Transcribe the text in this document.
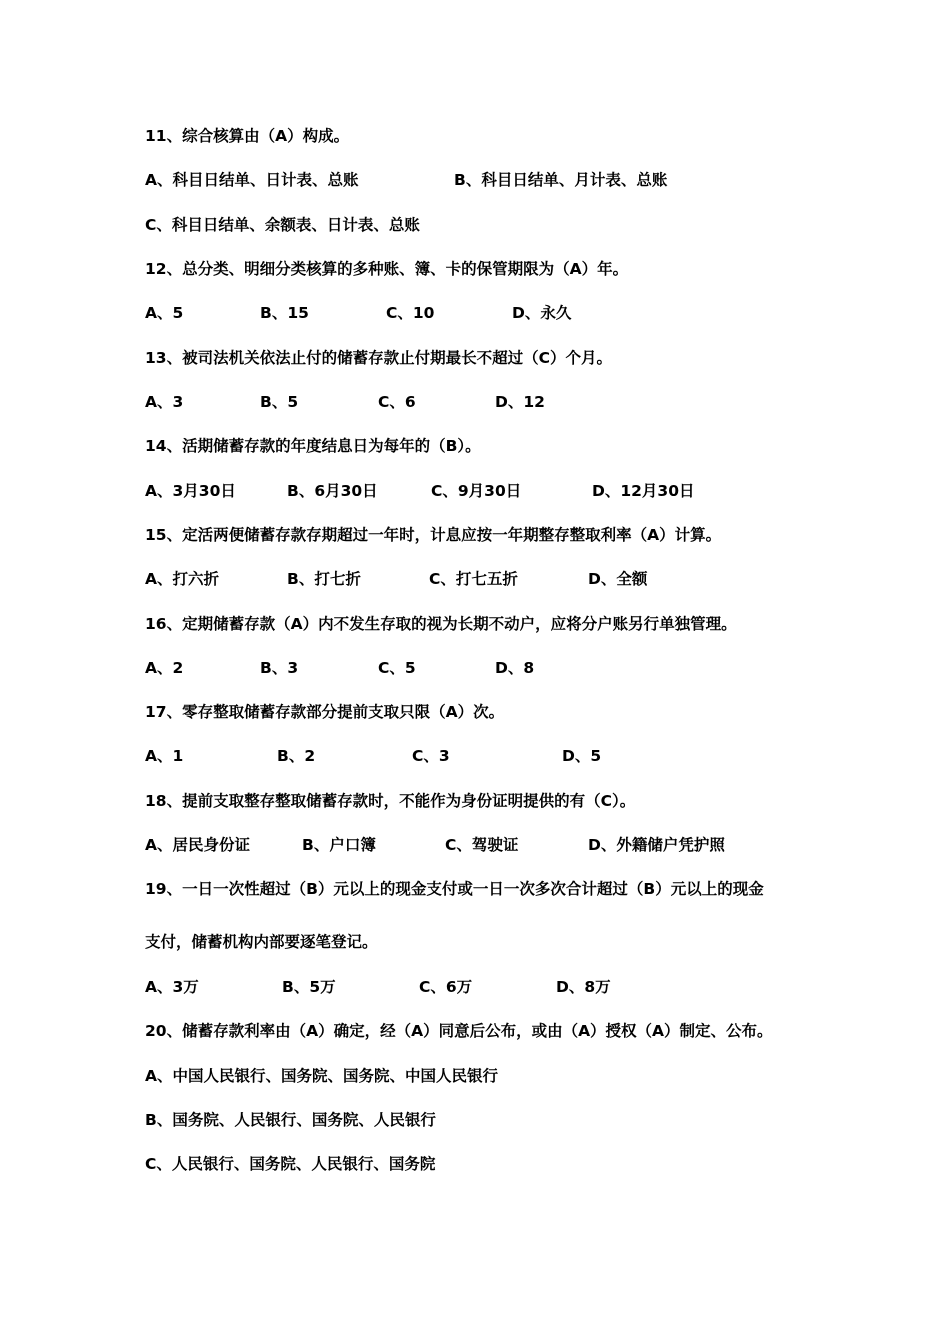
11、综合核算由（A）构成。
A、科目日结单、日计表、总账	B、科目日结单、月计表、总账
C、科目日结单、余额表、日计表、总账
12、总分类、明细分类核算的多种账、簿、卡的保管期限为（A）年。
A、5	B、15	C、10	D、永久
13、被司法机关依法止付的储蓄存款止付期最长不超过（C）个月。
A、3	B、5	C、6	D、12
14、活期储蓄存款的年度结息日为每年的（B）。
A、3月30日	B、6月30日	C、9月30日	D、12月30日
15、定活两便储蓄存款存期超过一年时，计息应按一年期整存整取利率（A）计算。
A、打六折	B、打七折	C、打七五折	D、全额
16、定期储蓄存款（A）内不发生存取的视为长期不动户，应将分户账另行单独管理。
A、2	B、3	C、5	D、8
17、零存整取储蓄存款部分提前支取只限（A）次。
A、1	B、2	C、3	D、5
18、提前支取整存整取储蓄存款时，不能作为身份证明提供的有（C）。
A、居民身份证	B、户口簿	C、驾驶证	D、外籍储户凭护照
19、一日一次性超过（B）元以上的现金支付或一日一次多次合计超过（B）元以上的现金
支付，储蓄机构内部要逐笔登记。
A、3万	B、5万	C、6万	D、8万
20、储蓄存款利率由（A）确定，经（A）同意后公布，或由（A）授权（A）制定、公布。
A、中国人民银行、国务院、国务院、中国人民银行
B、国务院、人民银行、国务院、人民银行
C、人民银行、国务院、人民银行、国务院
